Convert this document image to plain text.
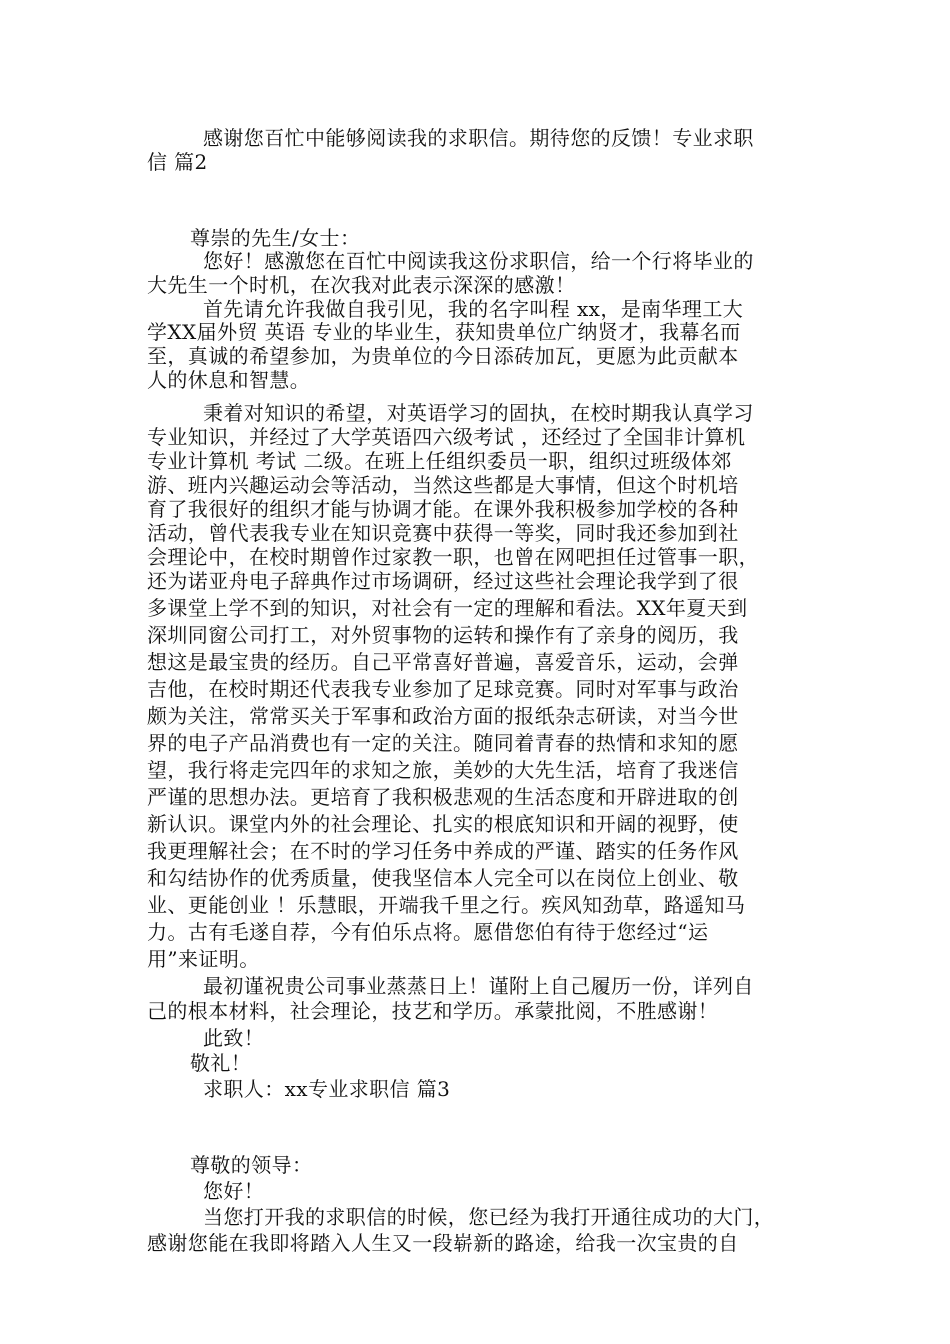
感谢您百忙中能够阅读我的求职信。期待您的反馈！专业求职
信 篇2
尊崇的先生/女士：
您好！感激您在百忙中阅读我这份求职信，给一个行将毕业的
大先生一个时机，在次我对此表示深深的感激！
首先请允许我做自我引见，我的名字叫程 xx，是南华理工大
学XX届外贸 英语 专业的毕业生，获知贵单位广纳贤才，我幕名而
至，真诚的希望参加，为贵单位的今日添砖加瓦，更愿为此贡献本
人的休息和智慧。
秉着对知识的希望，对英语学习的固执，在校时期我认真学习
专业知识，并经过了大学英语四六级考试 ，还经过了全国非计算机
专业计算机 考试 二级。在班上任组织委员一职，组织过班级体郊
游、班内兴趣运动会等活动，当然这些都是大事情，但这个时机培
育了我很好的组织才能与协调才能。在课外我积极参加学校的各种
活动，曾代表我专业在知识竞赛中获得一等奖，同时我还参加到社
会理论中，在校时期曾作过家教一职，也曾在网吧担任过管事一职，
还为诺亚舟电子辞典作过市场调研，经过这些社会理论我学到了很
多课堂上学不到的知识，对社会有一定的理解和看法。XX年夏天到
深圳同窗公司打工，对外贸事物的运转和操作有了亲身的阅历，我
想这是最宝贵的经历。自己平常喜好普遍，喜爱音乐，运动，会弹
吉他，在校时期还代表我专业参加了足球竞赛。同时对军事与政治
颇为关注，常常买关于军事和政治方面的报纸杂志研读，对当今世
界的电子产品消费也有一定的关注。随同着青春的热情和求知的愿
望，我行将走完四年的求知之旅，美妙的大先生活，培育了我迷信
严谨的思想办法。更培育了我积极悲观的生活态度和开辟进取的创
新认识。课堂内外的社会理论、扎实的根底知识和开阔的视野，使
我更理解社会；在不时的学习任务中养成的严谨、踏实的任务作风
和勾结协作的优秀质量，使我坚信本人完全可以在岗位上创业、敬
业、更能创业 ！乐慧眼，开端我千里之行。疾风知劲草，路遥知马
力。古有毛遂自荐，今有伯乐点将。愿借您伯有待于您经过“运
用”来证明。
最初谨祝贵公司事业蒸蒸日上！谨附上自己履历一份，详列自
己的根本材料，社会理论，技艺和学历。承蒙批阅，不胜感谢！
此致！
敬礼！
求职人：xx专业求职信 篇3
尊敬的领导：
您好！
当您打开我的求职信的时候，您已经为我打开通往成功的大门，
感谢您能在我即将踏入人生又一段崭新的路途，给我一次宝贵的自
